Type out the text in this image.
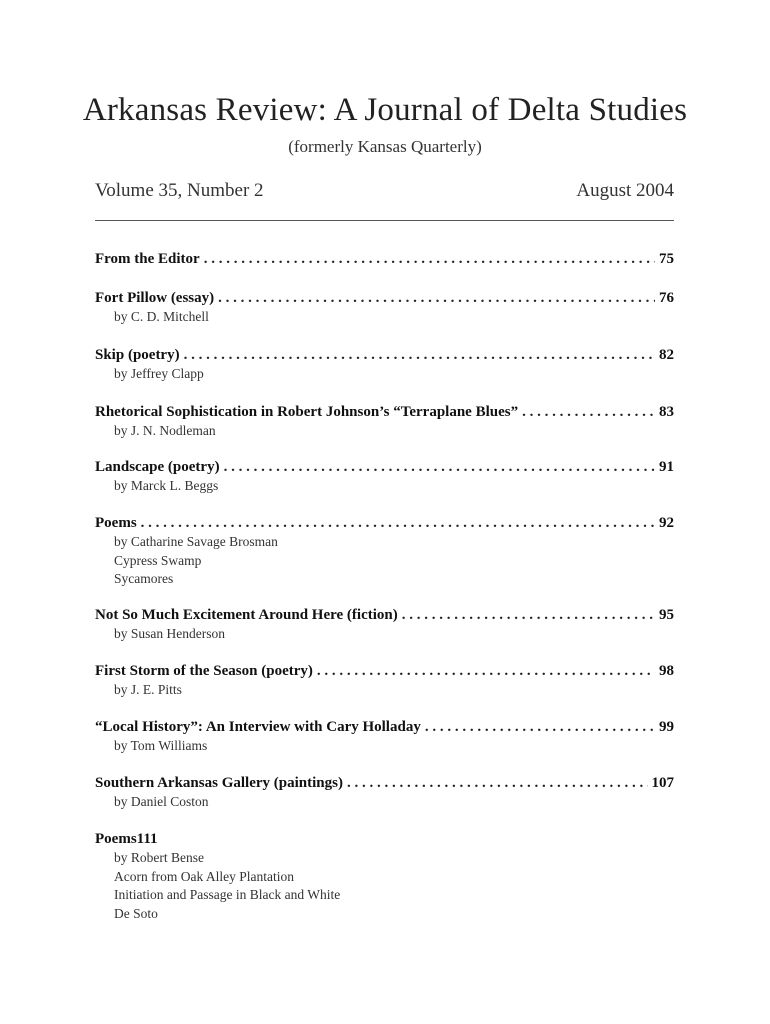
Arkansas Review: A Journal of Delta Studies
(formerly Kansas Quarterly)
Volume 35, Number 2	August 2004
From the Editor . . .	75
Fort Pillow (essay) . . .	76
by C. D. Mitchell
Skip (poetry) . . .	82
by Jeffrey Clapp
Rhetorical Sophistication in Robert Johnson’s “Terraplane Blues” . . .	83
by J. N. Nodleman
Landscape (poetry) . . .	91
by Marck L. Beggs
Poems . . .	92
by Catharine Savage Brosman
Cypress Swamp
Sycamores
Not So Much Excitement Around Here (fiction) . . .	95
by Susan Henderson
First Storm of the Season (poetry) . . .	98
by J. E. Pitts
“Local History”: An Interview with Cary Holladay . . .	99
by Tom Williams
Southern Arkansas Gallery (paintings) . . .	107
by Daniel Coston
Poems111
by Robert Bense
Acorn from Oak Alley Plantation
Initiation and Passage in Black and White
De Soto
